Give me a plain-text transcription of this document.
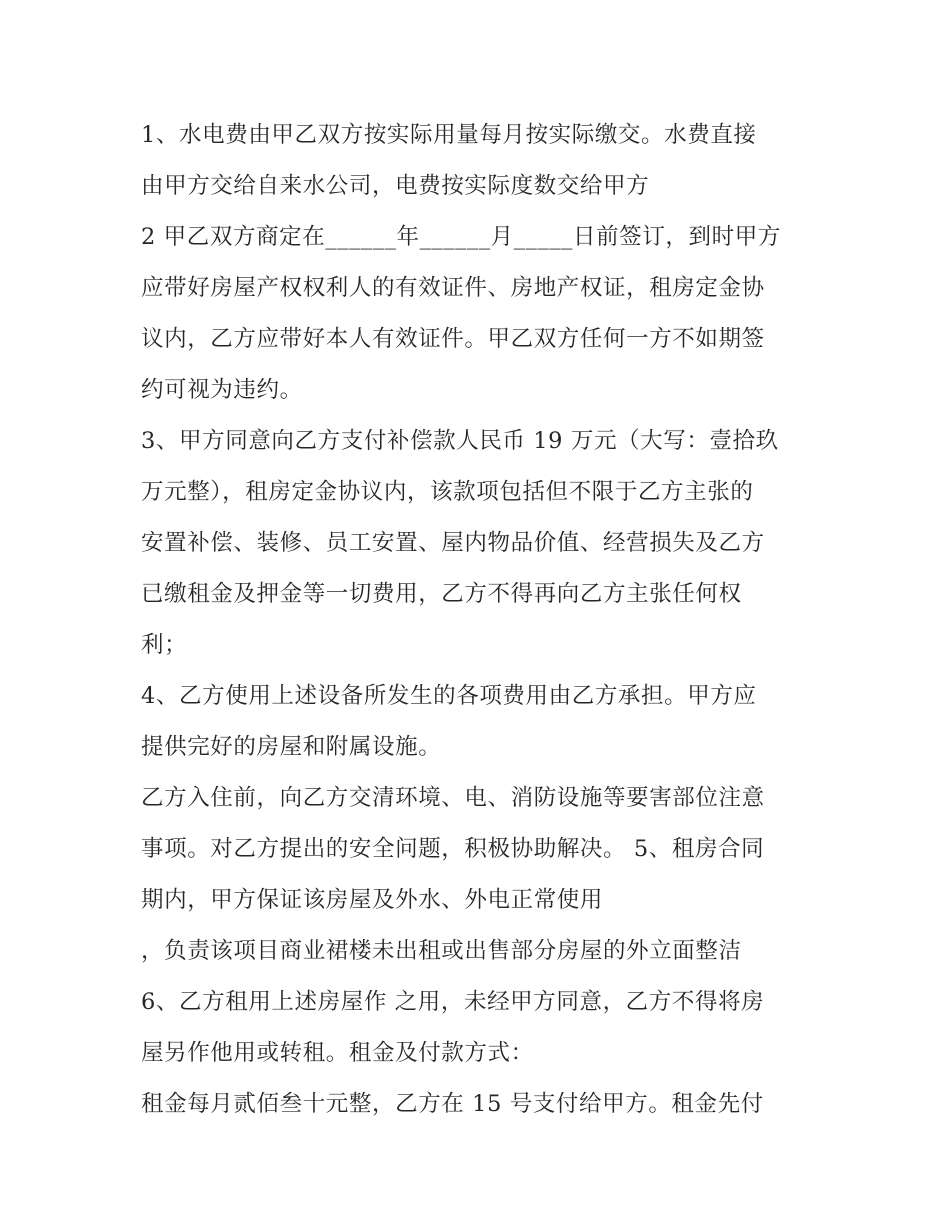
1、水电费由甲乙双方按实际用量每月按实际缴交。水费直接
由甲方交给自来水公司，电费按实际度数交给甲方
2 甲乙双方商定在______年______月_____日前签订，到时甲方
应带好房屋产权权利人的有效证件、房地产权证，租房定金协
议内，乙方应带好本人有效证件。甲乙双方任何一方不如期签
约可视为违约。
3、甲方同意向乙方支付补偿款人民币 19 万元（大写：壹拾玖
万元整），租房定金协议内，该款项包括但不限于乙方主张的
安置补偿、装修、员工安置、屋内物品价值、经营损失及乙方
已缴租金及押金等一切费用，乙方不得再向乙方主张任何权
利；
4、乙方使用上述设备所发生的各项费用由乙方承担。甲方应
提供完好的房屋和附属设施。
乙方入住前，向乙方交清环境、电、消防设施等要害部位注意
事项。对乙方提出的安全问题，积极协助解决。 5、租房合同
期内，甲方保证该房屋及外水、外电正常使用
，负责该项目商业裙楼未出租或出售部分房屋的外立面整洁
6、乙方租用上述房屋作 之用，未经甲方同意，乙方不得将房
屋另作他用或转租。租金及付款方式：
租金每月贰佰叁十元整，乙方在 15 号支付给甲方。租金先付
